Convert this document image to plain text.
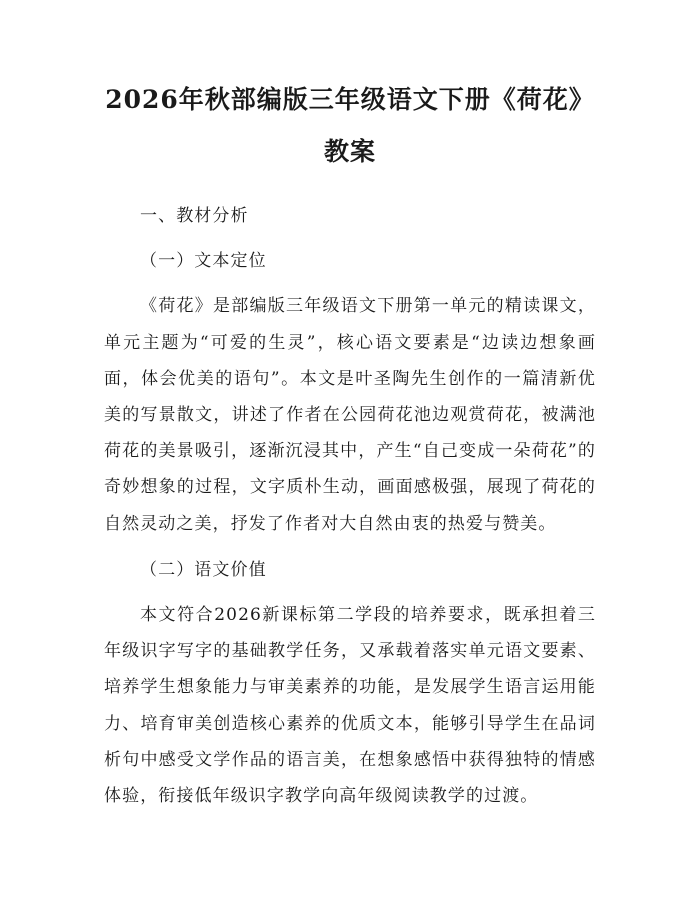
2026年秋部编版三年级语文下册《荷花》教案

一、教材分析

（一）文本定位

《荷花》是部编版三年级语文下册第一单元的精读课文，单元主题为“可爱的生灵”，核心语文要素是“边读边想象画面，体会优美的语句”。本文是叶圣陶先生创作的一篇清新优美的写景散文，讲述了作者在公园荷花池边观赏荷花，被满池荷花的美景吸引，逐渐沉浸其中，产生“自己变成一朵荷花”的奇妙想象的过程，文字质朴生动，画面感极强，展现了荷花的自然灵动之美，抒发了作者对大自然由衷的热爱与赞美。

（二）语文价值

本文符合2026新课标第二学段的培养要求，既承担着三年级识字写字的基础教学任务，又承载着落实单元语文要素、培养学生想象能力与审美素养的功能，是发展学生语言运用能力、培育审美创造核心素养的优质文本，能够引导学生在品词析句中感受文学作品的语言美，在想象感悟中获得独特的情感体验，衔接低年级识字教学向高年级阅读教学的过渡。
